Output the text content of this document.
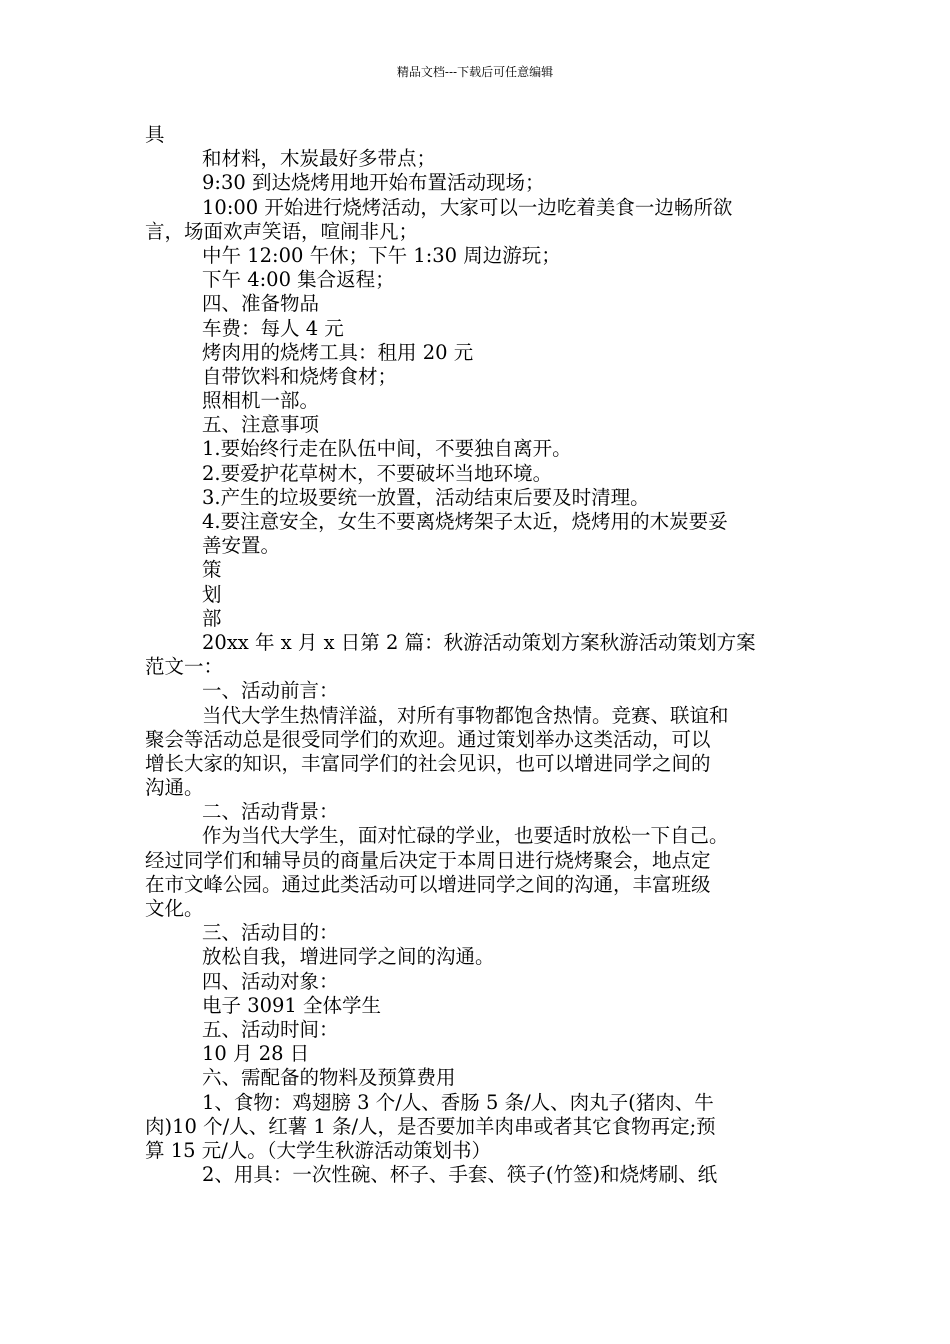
精品文档---下载后可任意编辑
具
和材料，木炭最好多带点；
9:30 到达烧烤用地开始布置活动现场；
10:00 开始进行烧烤活动，大家可以一边吃着美食一边畅所欲
言，场面欢声笑语，喧闹非凡；
中午 12:00 午休；下午 1:30 周边游玩；
下午 4:00 集合返程；
四、准备物品
车费：每人 4 元
烤肉用的烧烤工具：租用 20 元
自带饮料和烧烤食材；
照相机一部。
五、注意事项
1.要始终行走在队伍中间，不要独自离开。
2.要爱护花草树木，不要破坏当地环境。
3.产生的垃圾要统一放置，活动结束后要及时清理。
4.要注意安全，女生不要离烧烤架子太近，烧烤用的木炭要妥
善安置。
策
划
部
20xx 年 x 月 x 日第 2 篇：秋游活动策划方案秋游活动策划方案
范文一：
一、活动前言：
当代大学生热情洋溢，对所有事物都饱含热情。竞赛、联谊和
聚会等活动总是很受同学们的欢迎。通过策划举办这类活动，可以
增长大家的知识，丰富同学们的社会见识，也可以增进同学之间的
沟通。
二、活动背景：
作为当代大学生，面对忙碌的学业，也要适时放松一下自己。
经过同学们和辅导员的商量后决定于本周日进行烧烤聚会，地点定
在市文峰公园。通过此类活动可以增进同学之间的沟通，丰富班级
文化。
三、活动目的：
放松自我，增进同学之间的沟通。
四、活动对象：
电子 3091 全体学生
五、活动时间：
10 月 28 日
六、需配备的物料及预算费用
1、食物：鸡翅膀 3 个/人、香肠 5 条/人、肉丸子(猪肉、牛
肉)10 个/人、红薯 1 条/人，是否要加羊肉串或者其它食物再定;预
算 15 元/人。（大学生秋游活动策划书）
2、用具：一次性碗、杯子、手套、筷子(竹签)和烧烤刷、纸
